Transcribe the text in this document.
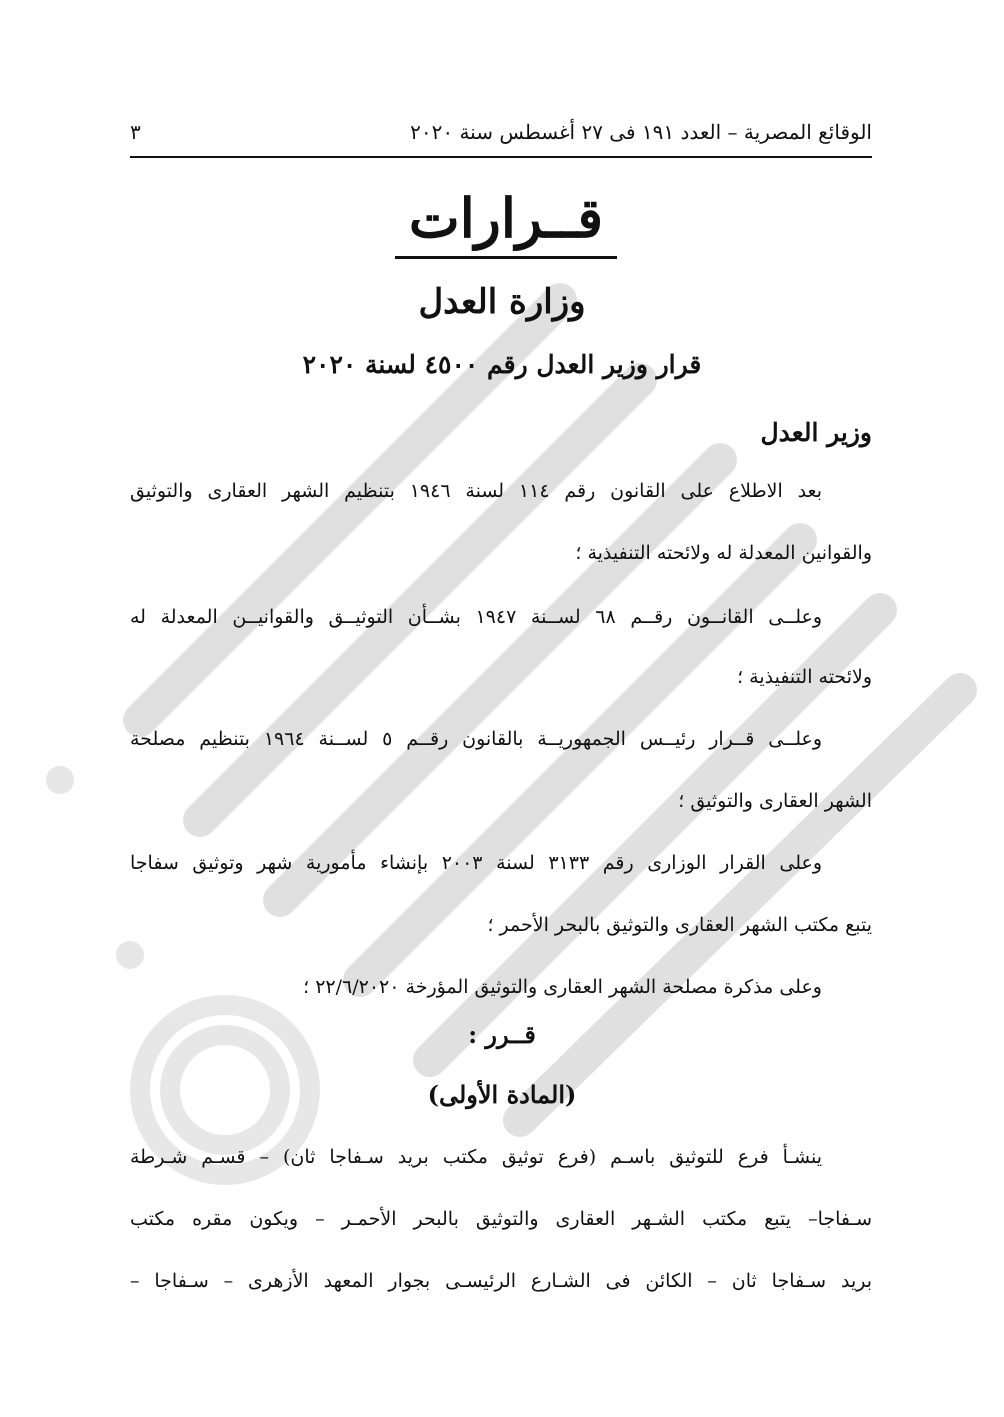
الوقائع المصرية – العدد ١٩١ فى ٢٧ أغسطس سنة ٢٠٢٠
٣
قــرارات
وزارة العدل
قرار وزير العدل رقم ٤٥٠٠ لسنة ٢٠٢٠
وزير العدل
بعد الاطلاع على القانون رقم ١١٤ لسنة ١٩٤٦ بتنظيم الشهر العقارى والتوثيق
والقوانين المعدلة له ولائحته التنفيذية ؛
وعلــى القانــون رقــم ٦٨ لســنة ١٩٤٧ بشــأن التوثيــق والقوانيــن المعدلة له
ولائحته التنفيذية ؛
وعلــى قــرار رئيــس الجمهوريــة بالقانون رقــم ٥ لســنة ١٩٦٤ بتنظيم مصلحة
الشهر العقارى والتوثيق ؛
وعلى القرار الوزارى رقم ٣١٣٣ لسنة ٢٠٠٣ بإنشاء مأمورية شهر وتوثيق سفاجا
يتبع مكتب الشهر العقارى والتوثيق بالبحر الأحمر ؛
وعلى مذكرة مصلحة الشهر العقارى والتوثيق المؤرخة ٢٢/٦/٢٠٢٠ ؛
قــرر :
(المادة الأولى)
ينشـأ فرع للتوثيق باسـم (فرع توثيق مكتب بريد سـفاجا ثان) – قسـم شـرطة
سـفاجا– يتبع مكتب الشـهر العقارى والتوثيق بالبحر الأحمـر – ويكون مقره مكتب
بريد سـفاجا ثان – الكائن فى الشـارع الرئيسـى بجوار المعهد الأزهرى – سـفاجا –
